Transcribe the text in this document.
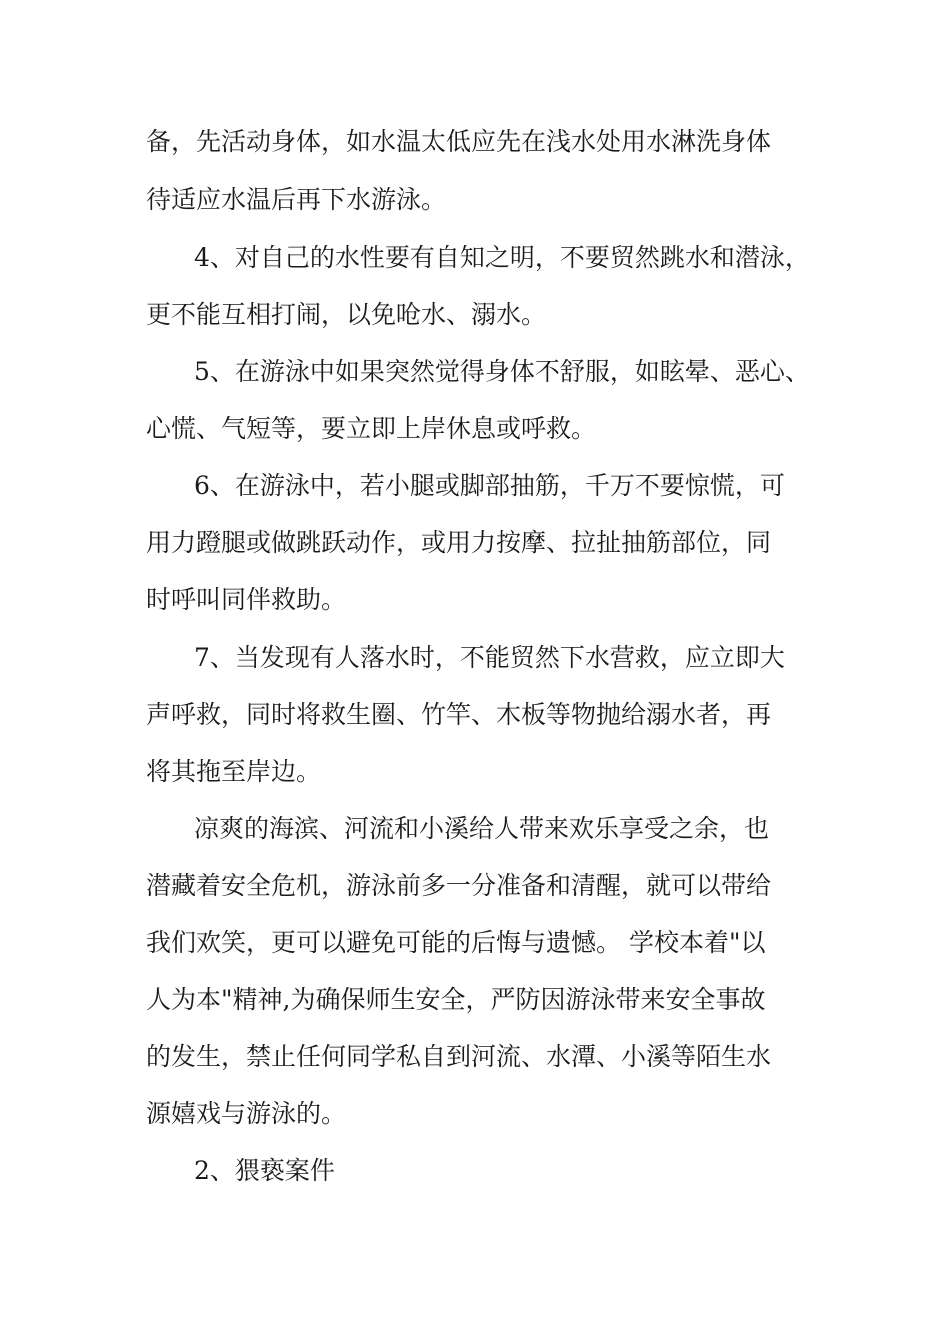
备，先活动身体，如水温太低应先在浅水处用水淋洗身体
待适应水温后再下水游泳。
4、对自己的水性要有自知之明，不要贸然跳水和潜泳，
更不能互相打闹，以免呛水、溺水。
5、在游泳中如果突然觉得身体不舒服，如眩晕、恶心、
心慌、气短等，要立即上岸休息或呼救。
6、在游泳中，若小腿或脚部抽筋，千万不要惊慌，可
用力蹬腿或做跳跃动作，或用力按摩、拉扯抽筋部位，同
时呼叫同伴救助。
7、当发现有人落水时，不能贸然下水营救，应立即大
声呼救，同时将救生圈、竹竿、木板等物抛给溺水者，再
将其拖至岸边。
凉爽的海滨、河流和小溪给人带来欢乐享受之余，也
潜藏着安全危机，游泳前多一分准备和清醒，就可以带给
我们欢笑，更可以避免可能的后悔与遗憾。 学校本着"以
人为本"精神,为确保师生安全，严防因游泳带来安全事故
的发生，禁止任何同学私自到河流、水潭、小溪等陌生水
源嬉戏与游泳的。
2、猥亵案件
